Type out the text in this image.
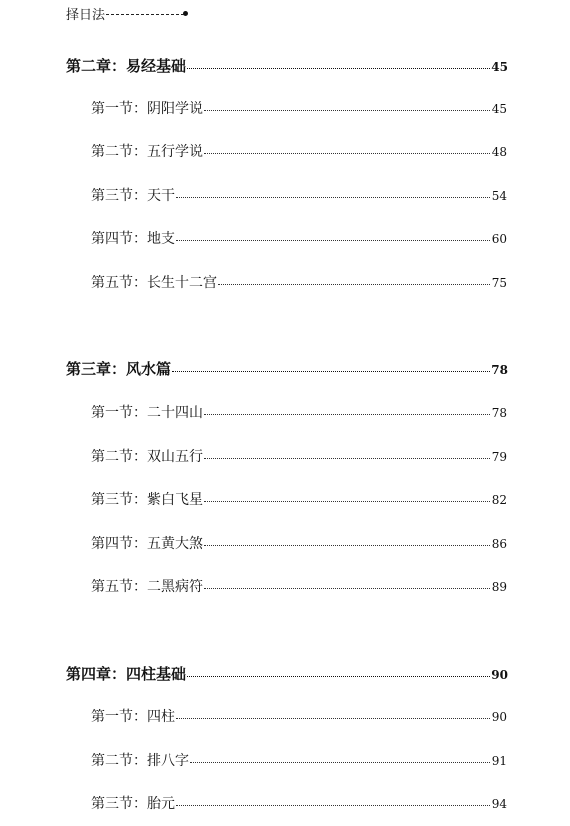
择日法
第二章：易经基础	45
第一节：阴阳学说	45
第二节：五行学说	48
第三节：天干	54
第四节：地支	60
第五节：长生十二宫	75
第三章：风水篇	78
第一节：二十四山	78
第二节：双山五行	79
第三节：紫白飞星	82
第四节：五黄大煞	86
第五节：二黑病符	89
第四章：四柱基础	90
第一节：四柱	90
第二节：排八字	91
第三节：胎元	94
